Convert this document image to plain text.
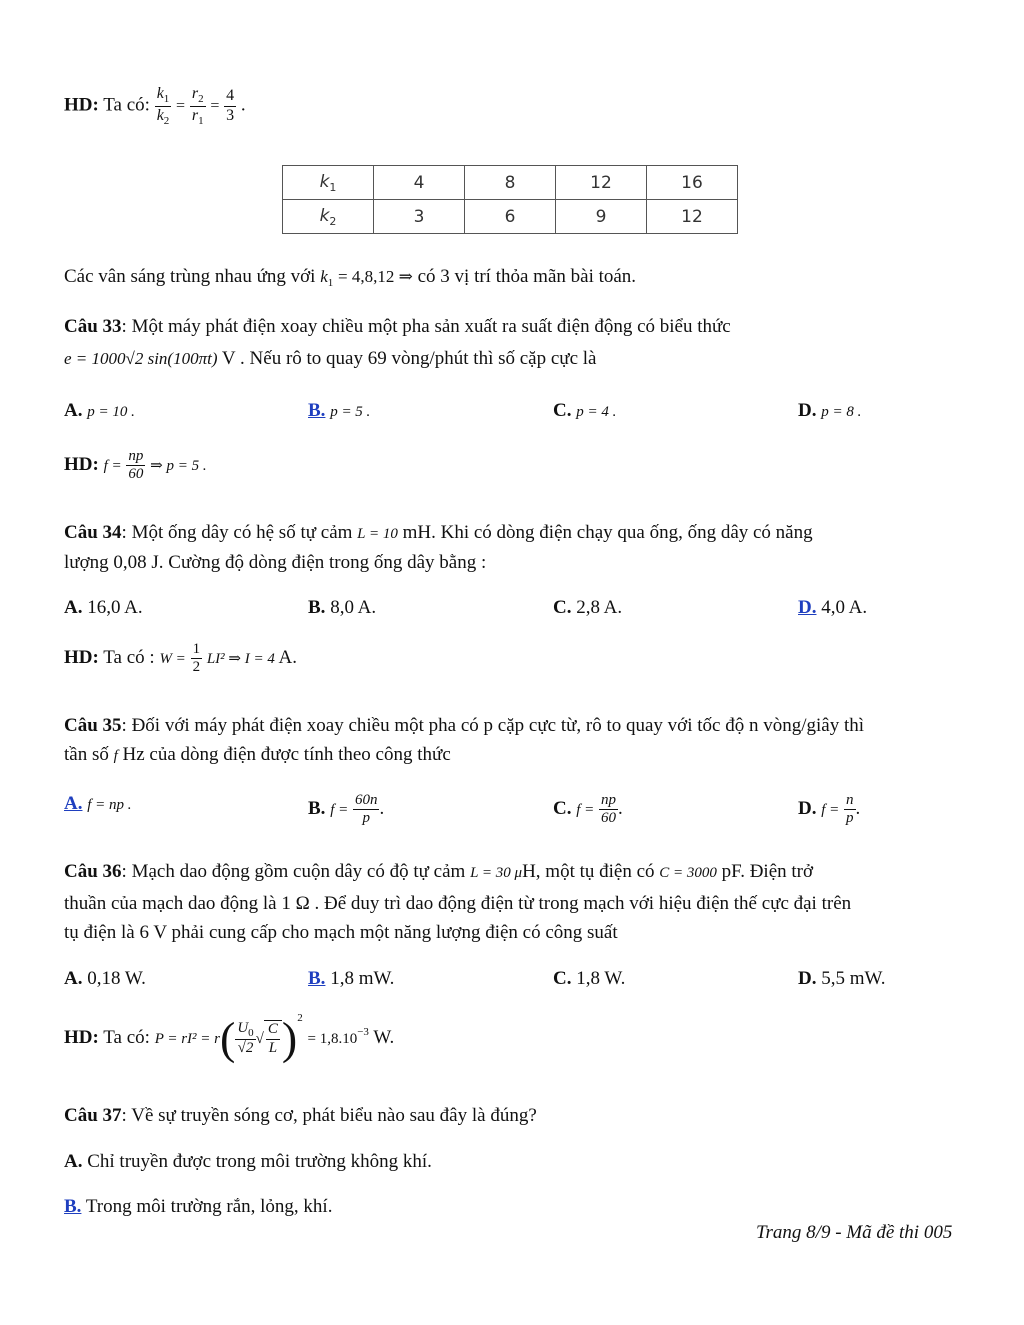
HD: Ta có: $\frac{k_1}{k_2} = \frac{r_2}{r_1} = \frac{4}{3}$ .
$k_1$	4	8	12	16
$k_2$	3	6	9	12
Các vân sáng trùng nhau ứng với $k_1 = 4,8,12$ ⇒ có 3 vị trí thỏa mãn bài toán.
Câu 33: Một máy phát điện xoay chiều một pha sản xuất ra suất điện động có biểu thức
e = 1000√2 sin(100πt) V . Nếu rô to quay 69 vòng/phút thì số cặp cực là
A. p = 10 .	B. p = 5 .	C. p = 4 .	D. p = 8 .
HD: $f = \frac{np}{60}$ ⇒ p = 5 .
Câu 34: Một ống dây có hệ số tự cảm L = 10 mH. Khi có dòng điện chạy qua ống, ống dây có năng
lượng 0,08 J. Cường độ dòng điện trong ống dây bằng :
A. 16,0 A.	B. 8,0 A.	C. 2,8 A.	D. 4,0 A.
HD: Ta có : $W = \frac{1}{2} LI^2$ ⇒ I = 4 A.
Câu 35: Đối với máy phát điện xoay chiều một pha có p cặp cực từ, rô to quay với tốc độ n vòng/giây thì
tần số f Hz của dòng điện được tính theo công thức
A. f = np .	B. $f = \frac{60n}{p}$ .	C. $f = \frac{np}{60}$ .	D. $f = \frac{n}{p}$ .
Câu 36: Mạch dao động gồm cuộn dây có độ tự cảm L = 30 μH, một tụ điện có C = 3000 pF. Điện trở
thuần của mạch dao động là 1 Ω . Để duy trì dao động điện từ trong mạch với hiệu điện thế cực đại trên
tụ điện là 6 V phải cung cấp cho mạch một năng lượng điện có công suất
A. 0,18 W.	B. 1,8 mW.	C. 1,8 W.	D. 5,5 mW.
HD: Ta có: $P = rI^2 = r( \frac{U_0}{√2}$ √ $\frac{C}{L} )^2 = 1,8.10^{-3}$ W.
Câu 37: Về sự truyền sóng cơ, phát biểu nào sau đây là đúng?
A. Chỉ truyền được trong môi trường không khí.
B. Trong môi trường rắn, lỏng, khí.
Trang 8/9 - Mã đề thi 005
